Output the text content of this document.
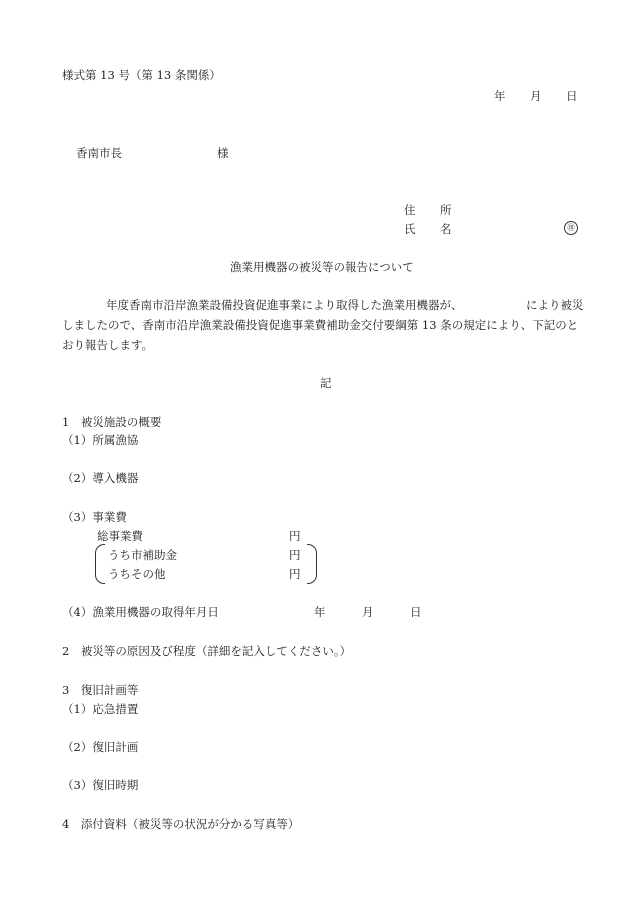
様式第 13 号（第 13 条関係）
年 月 日
香南市長	様
住 所
氏 名	㊞
漁業用機器の被災等の報告について
年度香南市沿岸漁業設備投資促進事業により取得した漁業用機器が、	により被災
しましたので、香南市沿岸漁業設備投資促進事業費補助金交付要綱第 13 条の規定により、下記のと
おり報告します。
記
1　被災施設の概要
（1）所属漁協
（2）導入機器
（3）事業費
総事業費	円
うち市補助金	円
うちその他	円
（4）漁業用機器の取得年月日	年	月	日
2　被災等の原因及び程度（詳細を記入してください。）
3　復旧計画等
（1）応急措置
（2）復旧計画
（3）復旧時期
4　添付資料（被災等の状況が分かる写真等）
